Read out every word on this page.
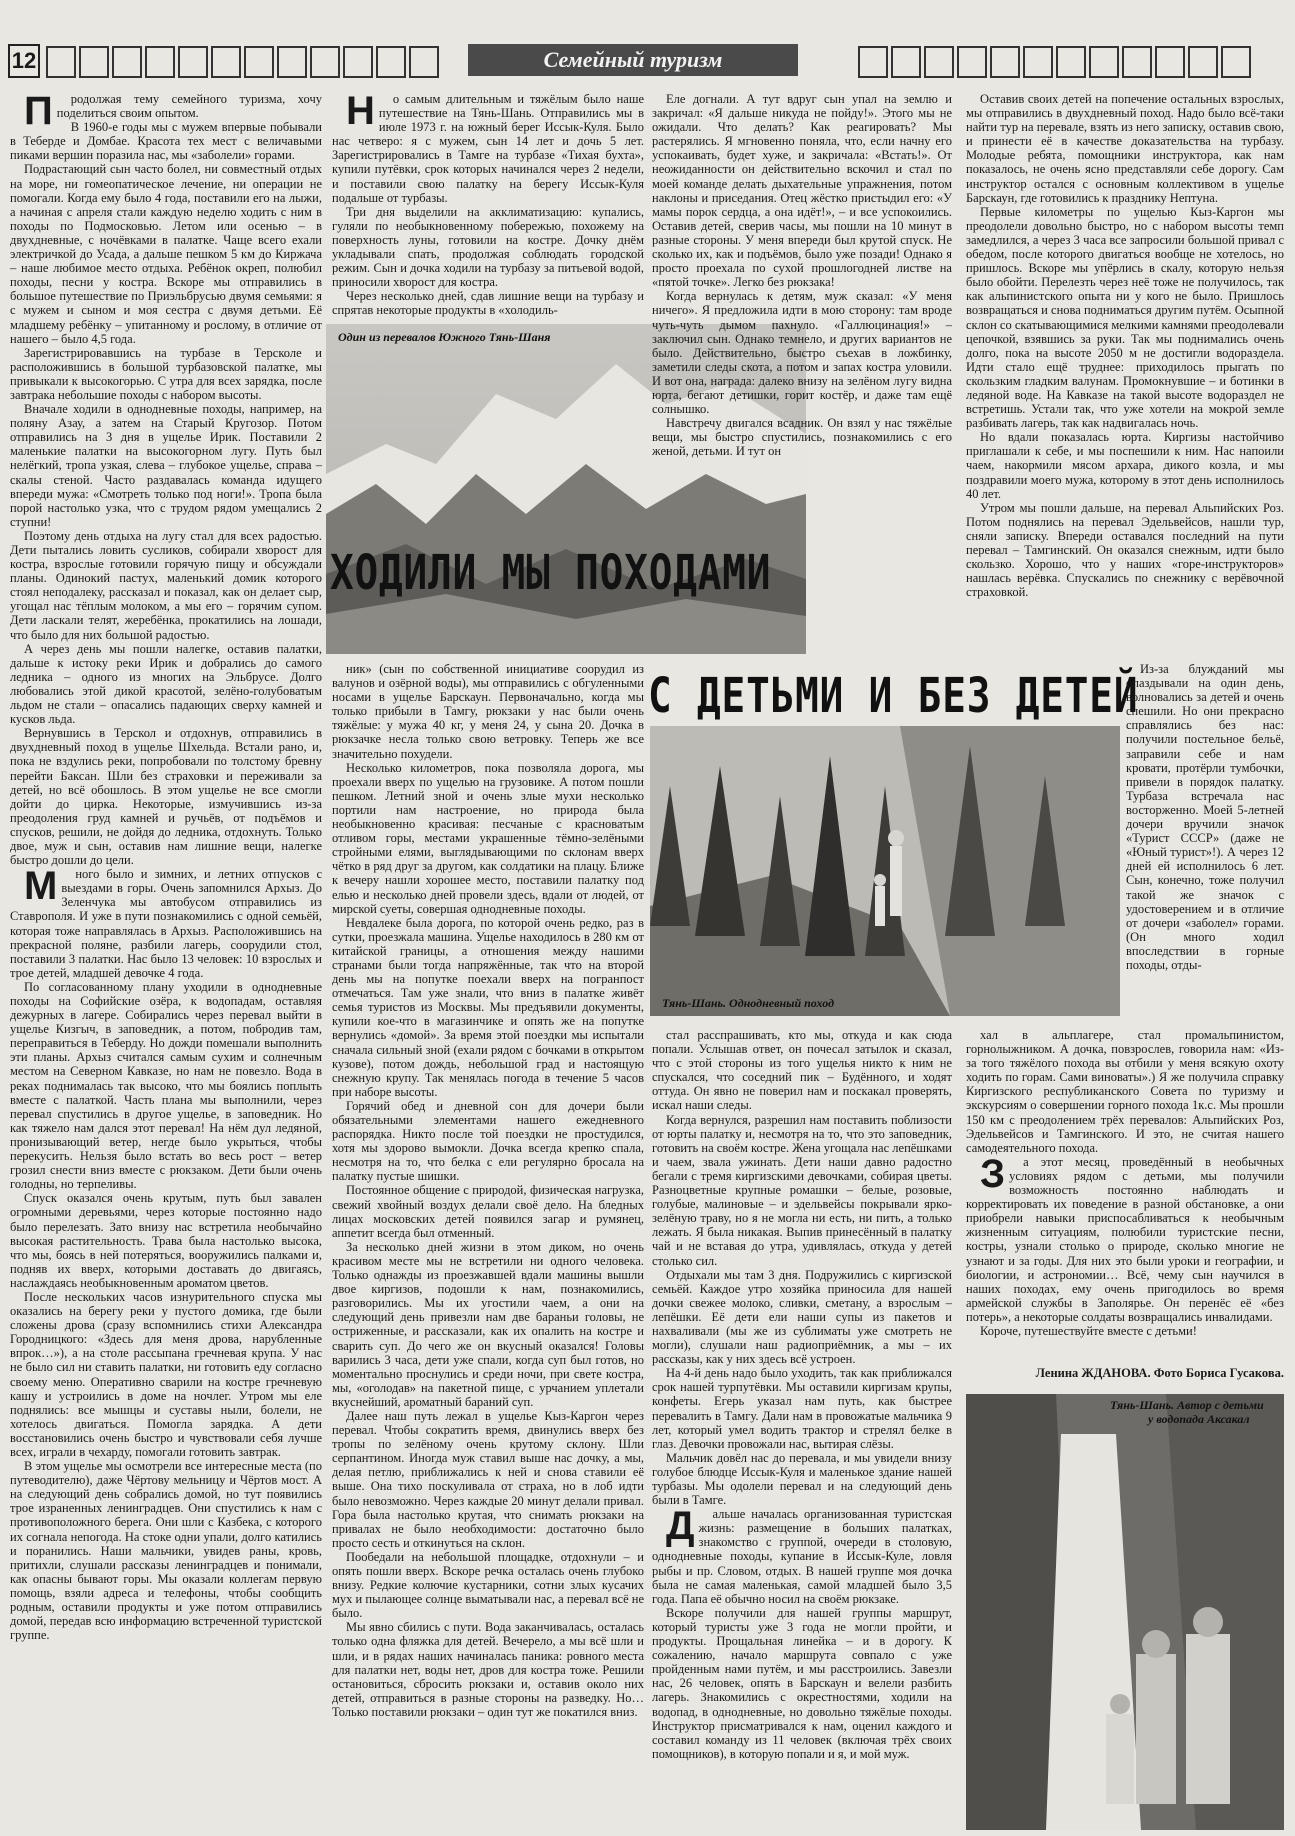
12	Семейный туризм

Продолжая тему семейного туризма, хочу поделиться своим опытом.

В 1960-е годы мы с мужем впервые побывали в Теберде и Домбае. Красота тех мест с величавыми пиками вершин поразила нас, мы «заболели» горами.

Подрастающий сын часто болел, ни совместный отдых на море, ни гомеопатическое лечение, ни операции не помогали. Когда ему было 4 года, поставили его на лыжи, а начиная с апреля стали каждую неделю ходить с ним в походы по Подмосковью. Летом или осенью – в двухдневные, с ночёвками в палатке. Чаще всего ехали электричкой до Усада, а дальше пешком 5 км до Киржача – наше любимое место отдыха. Ребёнок окреп, полюбил походы, песни у костра. Вскоре мы отправились в большое путешествие по Приэльбрусью двумя семьями: я с мужем и сыном и моя сестра с двумя детьми. Её младшему ребёнку – упитанному и рослому, в отличие от нашего – было 4,5 года.

Зарегистрировавшись на турбазе в Терсколе и расположившись в большой турбазовской палатке, мы привыкали к высокогорью. С утра для всех зарядка, после завтрака небольшие походы с набором высоты.

Вначале ходили в однодневные походы, например, на поляну Азау, а затем на Старый Кругозор. Потом отправились на 3 дня в ущелье Ирик. Поставили 2 маленькие палатки на высокогорном лугу. Путь был нелёгкий, тропа узкая, слева – глубокое ущелье, справа – скалы стеной. Часто раздавалась команда идущего впереди мужа: «Смотреть только под ноги!». Тропа была порой настолько узка, что с трудом рядом умещались 2 ступни!

Поэтому день отдыха на лугу стал для всех радостью. Дети пытались ловить сусликов, собирали хворост для костра, взрослые готовили горячую пищу и обсуждали планы. Одинокий пастух, маленький домик которого стоял неподалеку, рассказал и показал, как он делает сыр, угощал нас тёплым молоком, а мы его – горячим супом. Дети ласкали телят, жеребёнка, прокатились на лошади, что было для них большой радостью.

А через день мы пошли налегке, оставив палатки, дальше к истоку реки Ирик и добрались до самого ледника – одного из многих на Эльбрусе. Долго любовались этой дикой красотой, зелёно-голубоватым льдом не стали – опасались падающих сверху камней и кусков льда.

Вернувшись в Терскол и отдохнув, отправились в двухдневный поход в ущелье Шхельда. Встали рано, и, пока не вздулись реки, попробовали по толстому бревну перейти Баксан. Шли без страховки и переживали за детей, но всё обошлось. В этом ущелье не все смогли дойти до цирка. Некоторые, измучившись из-за преодоления груд камней и ручьёв, от подъёмов и спусков, решили, не дойдя до ледника, отдохнуть. Только двое, муж и сын, оставив нам лишние вещи, налегке быстро дошли до цели.

Много было и зимних, и летних отпусков с выездами в горы. Очень запомнился Архыз. До Зеленчука мы автобусом отправились из Ставрополя. И уже в пути познакомились с одной семьёй, которая тоже направлялась в Архыз. Расположившись на прекрасной поляне, разбили лагерь, соорудили стол, поставили 3 палатки. Нас было 13 человек: 10 взрослых и трое детей, младшей девочке 4 года.

По согласованному плану уходили в однодневные походы на Софийские озёра, к водопадам, оставляя дежурных в лагере. Собирались через перевал выйти в ущелье Кизгыч, в заповедник, а потом, побродив там, переправиться в Теберду. Но дожди помешали выполнить эти планы. Архыз считался самым сухим и солнечным местом на Северном Кавказе, но нам не повезло. Вода в реках поднималась так высоко, что мы боялись поплыть вместе с палаткой. Часть плана мы выполнили, через перевал спустились в другое ущелье, в заповедник. Но как тяжело нам дался этот перевал! На нём дул ледяной, пронизывающий ветер, негде было укрыться, чтобы перекусить. Нельзя было встать во весь рост – ветер грозил снести вниз вместе с рюкзаком. Дети были очень голодны, но терпеливы.

Спуск оказался очень крутым, путь был завален огромными деревьями, через которые постоянно надо было перелезать. Зато внизу нас встретила необычайно высокая растительность. Трава была настолько высока, что мы, боясь в ней потеряться, вооружились палками и, подняв их вверх, которыми доставать до двигаясь, наслаждаясь необыкновенным ароматом цветов.

После нескольких часов изнурительного спуска мы оказались на берегу реки у пустого домика, где были сложены дрова (сразу вспомнились стихи Александра Городницкого: «Здесь для меня дрова, нарубленные впрок…»), а на столе рассыпана гречневая крупа. У нас не было сил ни ставить палатки, ни готовить еду согласно своему меню. Оперативно сварили на костре гречневую кашу и устроились в доме на ночлег. Утром мы еле поднялись: все мышцы и суставы ныли, болели, не хотелось двигаться. Помогла зарядка. А дети восстановились очень быстро и чувствовали себя лучше всех, играли в чехарду, помогали готовить завтрак.

В этом ущелье мы осмотрели все интересные места (по путеводителю), даже Чёртову мельницу и Чёртов мост. А на следующий день собрались домой, но тут появились трое израненных ленинградцев. Они спустились к нам с противоположного берега. Они шли с Казбека, с которого их согнала непогода. На стоке одни упали, долго катились и поранились. Наши мальчики, увидев раны, кровь, притихли, слушали рассказы ленинградцев и понимали, как опасны бывают горы. Мы оказали коллегам первую помощь, взяли адреса и телефоны, чтобы сообщить родным, оставили продукты и уже потом отправились домой, передав всю информацию встреченной туристской группе.

Но самым длительным и тяжёлым было наше путешествие на Тянь-Шань. Отправились мы в июле 1973 г. на южный берег Иссык-Куля. Было нас четверо: я с мужем, сын 14 лет и дочь 5 лет. Зарегистрировались в Тамге на турбазе «Тихая бухта», купили путёвки, срок которых начинался через 2 недели, и поставили свою палатку на берегу Иссык-Куля подальше от турбазы.

Три дня выделили на акклиматизацию: купались, гуляли по необыкновенному побережью, похожему на поверхность луны, готовили на костре. Дочку днём укладывали спать, продолжая соблюдать городской режим. Сын и дочка ходили на турбазу за питьевой водой, приносили хворост для костра.

Через несколько дней, сдав лишние вещи на турбазу и спрятав некоторые продукты в «холодиль-

Один из перевалов Южного Тянь-Шаня
ХОДИЛИ МЫ ПОХОДАМИ

Еле догнали. А тут вдруг сын упал на землю и закричал: «Я дальше никуда не пойду!». Этого мы не ожидали. Что делать? Как реагировать? Мы растерялись. Я мгновенно поняла, что, если начну его успокаивать, будет хуже, и закричала: «Встать!». От неожиданности он действительно вскочил и стал по моей команде делать дыхательные упражнения, потом наклоны и приседания. Отец жёстко пристыдил его: «У мамы порок сердца, а она идёт!», – и все успокоились. Оставив детей, сверив часы, мы пошли на 10 минут в разные стороны. У меня впереди был крутой спуск. Не сколько их, как и подъёмов, было уже позади! Однако я просто проехала по сухой прошлогодней листве на «пятой точке». Легко без рюкзака!

Когда вернулась к детям, муж сказал: «У меня ничего». Я предложила идти в мою сторону: там вроде чуть-чуть дымом пахнуло. «Галлюцинация!» – заключил сын. Однако темнело, и других вариантов не было. Действительно, быстро съехав в ложбинку, заметили следы скота, а потом и запах костра уловили. И вот она, награда: далеко внизу на зелёном лугу видна юрта, бегают детишки, горит костёр, и даже там ещё солнышко.

Навстречу двигался всадник. Он взял у нас тяжёлые вещи, мы быстро спустились, познакомились с его женой, детьми. И тут он

Оставив своих детей на попечение остальных взрослых, мы отправились в двухдневный поход. Надо было всё-таки найти тур на перевале, взять из него записку, оставив свою, и принести её в качестве доказательства на турбазу. Молодые ребята, помощники инструктора, как нам показалось, не очень ясно представляли себе дорогу. Сам инструктор остался с основным коллективом в ущелье Барскаун, где готовились к празднику Нептуна.

Первые километры по ущелью Кыз-Каргон мы преодолели довольно быстро, но с набором высоты темп замедлился, а через 3 часа все запросили большой привал с обедом, после которого двигаться вообще не хотелось, но пришлось. Вскоре мы упёрлись в скалу, которую нельзя было обойти. Перелезть через неё тоже не получилось, так как альпинистского опыта ни у кого не было. Пришлось возвращаться и снова подниматься другим путём. Осыпной склон со скатывающимися мелкими камнями преодолевали цепочкой, взявшись за руки. Так мы поднимались очень долго, пока на высоте 2050 м не достигли водораздела. Идти стало ещё труднее: приходилось прыгать по скользким гладким валунам. Промокнувшие – и ботинки в ледяной воде. На Кавказе на такой высоте водораздел не встретишь. Устали так, что уже хотели на мокрой земле разбивать лагерь, так как надвигалась ночь.

Но вдали показалась юрта. Киргизы настойчиво приглашали к себе, и мы поспешили к ним. Нас напоили чаем, накормили мясом архара, дикого козла, и мы поздравили моего мужа, которому в этот день исполнилось 40 лет.

Утром мы пошли дальше, на перевал Альпийских Роз. Потом поднялись на перевал Эдельвейсов, нашли тур, сняли записку. Впереди оставался последний на пути перевал – Тамгинский. Он оказался снежным, идти было скользко. Хорошо, что у наших «горе-инструкторов» нашлась верёвка. Спускались по снежнику с верёвочной страховкой.

ник» (сын по собственной инициативе соорудил из валунов и озёрной воды), мы отправились с обгуленными носами в ущелье Барскаун. Первоначально, когда мы только прибыли в Тамгу, рюкзаки у нас были очень тяжёлые: у мужа 40 кг, у меня 24, у сына 20. Дочка в рюкзачке несла только свою ветровку. Теперь же все значительно похудели.

Несколько километров, пока позволяла дорога, мы проехали вверх по ущелью на грузовике. А потом пошли пешком. Летний зной и очень злые мухи несколько портили нам настроение, но природа была необыкновенно красивая: песчаные с красноватым отливом горы, местами украшенные тёмно-зелёными стройными елями, выглядывающими по склонам вверх чётко в ряд друг за другом, как солдатики на плацу. Ближе к вечеру нашли хорошее место, поставили палатку под елью и несколько дней провели здесь, вдали от людей, от мирской суеты, совершая однодневные походы.

Невдалеке была дорога, по которой очень редко, раз в сутки, проезжала машина. Ущелье находилось в 280 км от китайской границы, а отношения между нашими странами были тогда напряжённые, так что на второй день мы на попутке поехали вверх на погранпост отмечаться. Там уже знали, что вниз в палатке живёт семья туристов из Москвы. Мы предъявили документы, купили кое-что в магазинчике и опять же на попутке вернулись «домой». За время этой поездки мы испытали сначала сильный зной (ехали рядом с бочками в открытом кузове), потом дождь, небольшой град и настоящую снежную крупу. Так менялась погода в течение 5 часов при наборе высоты.

Горячий обед и дневной сон для дочери были обязательными элементами нашего ежедневного распорядка. Никто после той поездки не простудился, хотя мы здорово вымокли. Дочка всегда крепко спала, несмотря на то, что белка с ели регулярно бросала на палатку пустые шишки.

Постоянное общение с природой, физическая нагрузка, свежий хвойный воздух делали своё дело. На бледных лицах московских детей появился загар и румянец, аппетит всегда был отменный.

За несколько дней жизни в этом диком, но очень красивом месте мы не встретили ни одного человека. Только однажды из проезжавшей вдали машины вышли двое киргизов, подошли к нам, познакомились, разговорились. Мы их угостили чаем, а они на следующий день привезли нам две бараньи головы, не остриженные, и рассказали, как их опалить на костре и сварить суп. До чего же он вкусный оказался! Головы варились 3 часа, дети уже спали, когда суп был готов, но моментально проснулись и среди ночи, при свете костра, мы, «оголодав» на пакетной пище, с урчанием уплетали вкуснейший, ароматный бараний суп.

Далее наш путь лежал в ущелье Кыз-Каргон через перевал. Чтобы сократить время, двинулись вверх без тропы по зелёному очень крутому склону. Шли серпантином. Иногда муж ставил выше нас дочку, а мы, делая петлю, приближались к ней и снова ставили её выше. Она тихо поскуливала от страха, но в лоб идти было невозможно. Через каждые 20 минут делали привал. Гора была настолько крутая, что снимать рюкзаки на привалах не было необходимости: достаточно было просто сесть и откинуться на склон.

Пообедали на небольшой площадке, отдохнули – и опять пошли вверх. Вскоре речка осталась очень глубоко внизу. Редкие колючие кустарники, сотни злых кусачих мух и пылающее солнце выматывали нас, а перевал всё не было.

Мы явно сбились с пути. Вода заканчивалась, осталась только одна фляжка для детей. Вечерело, а мы всё шли и шли, и в рядах наших начиналась паника: ровного места для палатки нет, воды нет, дров для костра тоже. Решили остановиться, сбросить рюкзаки и, оставив около них детей, отправиться в разные стороны на разведку. Но… Только поставили рюкзаки – один тут же покатился вниз.

С ДЕТЬМИ И БЕЗ ДЕТЕЙ
Тянь-Шань. Однодневный поход

Из-за блужданий мы опаздывали на один день, волновались за детей и очень спешили. Но они прекрасно справлялись без нас: получили постельное бельё, заправили себе и нам кровати, протёрли тумбочки, привели в порядок палатку. Турбаза встречала нас восторженно. Моей 5-летней дочери вручили значок «Турист СССР» (даже не «Юный турист»!). А через 12 дней ей исполнилось 6 лет. Сын, конечно, тоже получил такой же значок с удостоверением и в отличие от дочери «заболел» горами. (Он много ходил впоследствии в горные походы, отды-

стал расспрашивать, кто мы, откуда и как сюда попали. Услышав ответ, он почесал затылок и сказал, что с этой стороны из того ущелья никто к ним не спускался, что соседний пик – Будённого, и ходят оттуда. Он явно не поверил нам и поскакал проверять, искал наши следы.

Когда вернулся, разрешил нам поставить поблизости от юрты палатку и, несмотря на то, что это заповедник, готовить на своём костре. Жена угощала нас лепёшками и чаем, звала ужинать. Дети наши давно радостно бегали с тремя киргизскими девочками, собирая цветы. Разноцветные крупные ромашки – белые, розовые, голубые, малиновые – и эдельвейсы покрывали ярко-зелёную траву, но я не могла ни есть, ни пить, а только лежать. Я была никакая. Выпив принесённый в палатку чай и не вставая до утра, удивлялась, откуда у детей столько сил.

Отдыхали мы там 3 дня. Подружились с киргизской семьёй. Каждое утро хозяйка приносила для нашей дочки свежее молоко, сливки, сметану, а взрослым – лепёшки. Её дети ели наши супы из пакетов и нахваливали (мы же из сублиматы уже смотреть не могли), слушали наш радиоприёмник, а мы – их рассказы, как у них здесь всё устроен.

На 4-й день надо было уходить, так как приближался срок нашей турпутёвки. Мы оставили киргизам крупы, конфеты. Егерь указал нам путь, как быстрее перевалить в Тамгу. Дали нам в провожатые мальчика 9 лет, который умел водить трактор и стрелял белке в глаз. Девочки провожали нас, вытирая слёзы.

Мальчик довёл нас до перевала, и мы увидели внизу голубое блюдце Иссык-Куля и маленькое здание нашей турбазы. Мы одолели перевал и на следующий день были в Тамге.

Дальше началась организованная туристская жизнь: размещение в больших палатках, знакомство с группой, очереди в столовую, однодневные походы, купание в Иссык-Куле, ловля рыбы и пр. Словом, отдых. В нашей группе моя дочка была не самая маленькая, самой младшей было 3,5 года. Папа её обычно носил на своём рюкзаке.

Вскоре получили для нашей группы маршрут, который туристы уже 3 года не могли пройти, и продукты. Прощальная линейка – и в дорогу. К сожалению, начало маршрута совпало с уже пройденным нами путём, и мы расстроились. Завезли нас, 26 человек, опять в Барскаун и велели разбить лагерь. Знакомились с окрестностями, ходили на водопад, в однодневные, но довольно тяжёлые походы. Инструктор присматривался к нам, оценил каждого и составил команду из 11 человек (включая трёх своих помощников), в которую попали и я, и мой муж.

хал в альплагере, стал промальпинистом, горнолыжником. А дочка, повзрослев, говорила нам: «Из-за того тяжёлого похода вы отбили у меня всякую охоту ходить по горам. Сами виноваты».) Я же получила справку Киргизского республиканского Совета по туризму и экскурсиям о совершении горного похода 1к.с. Мы прошли 150 км с преодолением трёх перевалов: Альпийских Роз, Эдельвейсов и Тамгинского. И это, не считая нашего самодеятельного похода.

За этот месяц, проведённый в необычных условиях рядом с детьми, мы получили возможность постоянно наблюдать и корректировать их поведение в разной обстановке, а они приобрели навыки приспосабливаться к необычным жизненным ситуациям, полюбили туристские песни, костры, узнали столько о природе, сколько многие не узнают и за годы. Для них это были уроки и географии, и биологии, и астрономии… Всё, чему сын научился в наших походах, ему очень пригодилось во время армейской службы в Заполярье. Он перенёс её «без потерь», а некоторые солдаты возвращались инвалидами.

Короче, путешествуйте вместе с детьми!

Ленина ЖДАНОВА. Фото Бориса Гусакова.

Тянь-Шань. Автор с детьми
у водопада Аксакал
